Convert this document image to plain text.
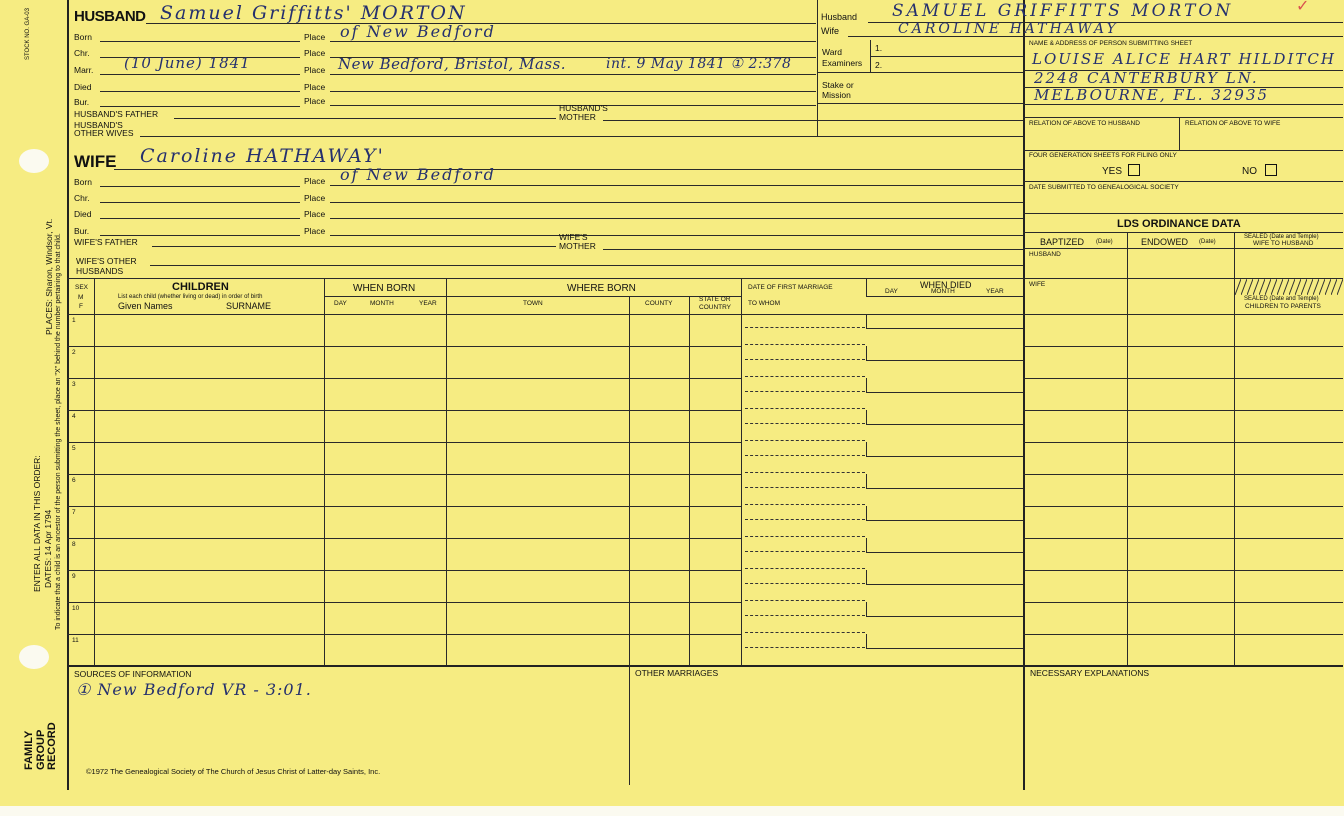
STOCK NO. GA-03
PLACES: Sharon, Windsor, Vt.
ENTER ALL DATA IN THIS ORDER: DATES: 14 Apr 1794 To indicate that a child is an ancestor of the person submitting the sheet, place an "X" behind the number pertaining to that child.
FAMILY GROUP RECORD
HUSBAND Samuel Griffitts' MORTON
Born	Place of New Bedford
Chr.	Place
Marr. (10 June) 1841	Place New Bedford, Bristol, Mass.	int. 9 May 1841 ① 2:378
Died	Place
Bur.	Place
HUSBAND'S FATHER
HUSBAND'S
MOTHER
HUSBAND'S
OTHER WIVES
WIFE Caroline HATHAWAY'
Born	Place of New Bedford
Chr.	Place
Died	Place
Bur.	Place
WIFE'S FATHER	WIFE'S
MOTHER
WIFE'S OTHER
HUSBANDS
Husband SAMUEL GRIFFITTS MORTON	✓
Wife	CAROLINE HATHAWAY
Ward
Examiners
1.
2.
Stake or
Mission
NAME & ADDRESS OF PERSON SUBMITTING SHEET
LOUISE ALICE HART HILDITCH
2248 CANTERBURY LN.
MELBOURNE, FL. 32935
RELATION OF ABOVE TO HUSBAND	RELATION OF ABOVE TO WIFE
FOUR GENERATION SHEETS FOR FILING ONLY
YES	NO
DATE SUBMITTED TO GENEALOGICAL SOCIETY
LDS ORDINANCE DATA
BAPTIZED (Date)	ENDOWED (Date)
SEALED (Date and Temple)
WIFE TO HUSBAND
HUSBAND
WIFE
SEALED (Date and Temple)
CHILDREN TO PARENTS
SEX
M
F
CHILDREN
List each child (whether living or dead) in order of birth
Given Names	SURNAME
WHEN BORN
DAY	MONTH	YEAR
WHERE BORN
TOWN	COUNTY
STATE OR
COUNTRY
DATE OF FIRST MARRIAGE
TO WHOM
WHEN DIED
DAY	MONTH	YEAR
1
2
3
4
5
6
7
8
9
10
11
SOURCES OF INFORMATION
① New Bedford VR - 3:01.
OTHER MARRIAGES	NECESSARY EXPLANATIONS
©1972 The Genealogical Society of The Church of Jesus Christ of Latter-day Saints, Inc.
